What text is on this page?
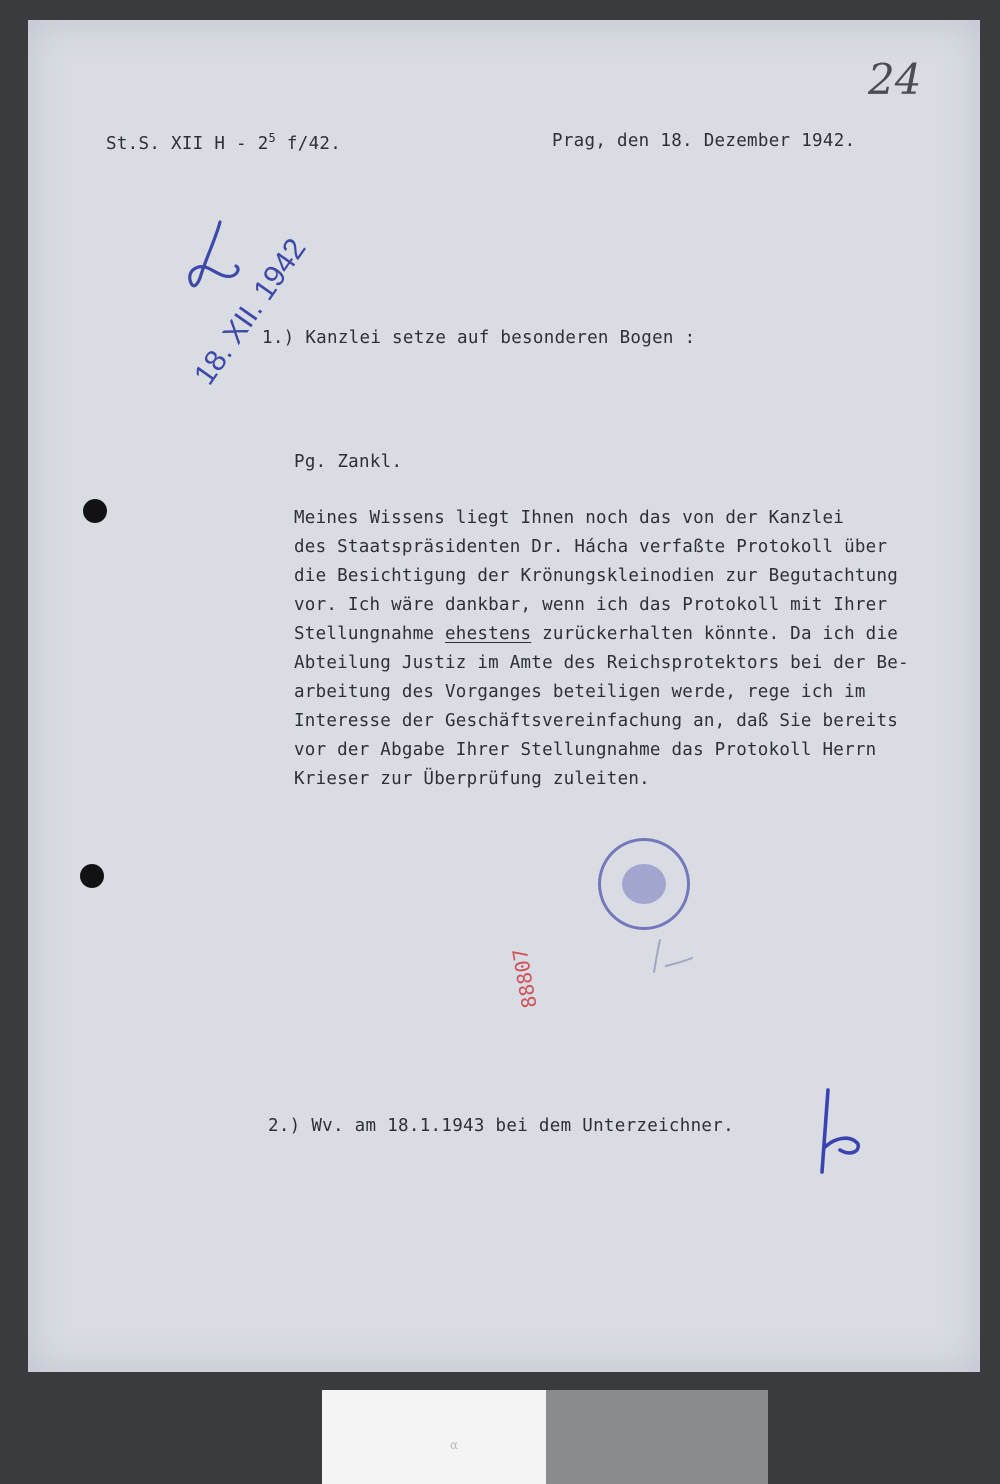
24
St.S. XII H - $2^5$ f/42.	Prag, den 18. Dezember 1942.
18. XII. 1942
1.) Kanzlei setze auf besonderen Bogen :
Pg. Zankl.
Meines Wissens liegt Ihnen noch das von der Kanzlei
des Staatspräsidenten Dr. Hácha verfaßte Protokoll über
die Besichtigung der Krönungskleinodien zur Begutachtung
vor. Ich wäre dankbar, wenn ich das Protokoll mit Ihrer
Stellungnahme ehestens zurückerhalten könnte. Da ich die
Abteilung Justiz im Amte des Reichsprotektors bei der Be-
arbeitung des Vorganges beteiligen werde, rege ich im
Interesse der Geschäftsvereinfachung an, daß Sie bereits
vor der Abgabe Ihrer Stellungnahme das Protokoll Herrn
Krieser zur Überprüfung zuleiten.
88807
2.) Wv. am 18.1.1943 bei dem Unterzeichner.
α
